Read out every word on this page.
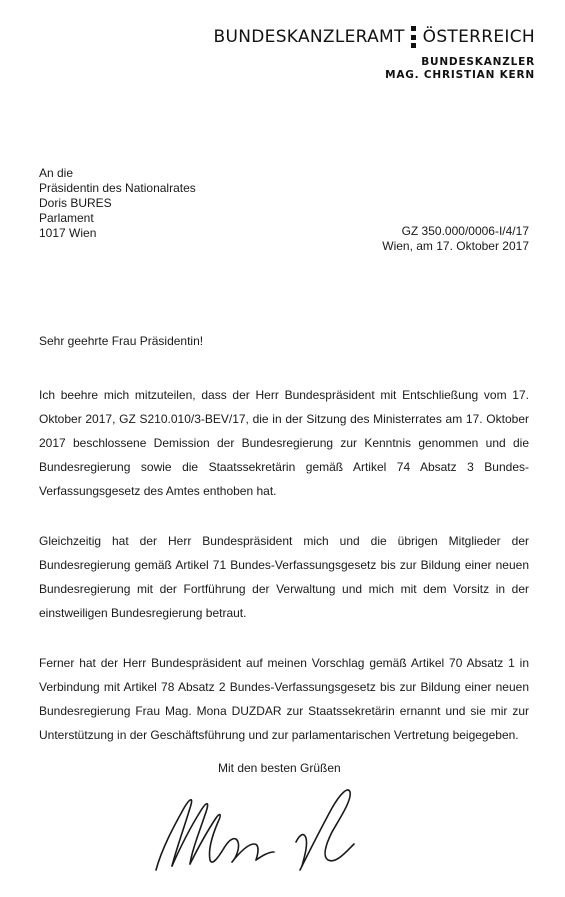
BUNDESKANZLERAMT ÖSTERREICH
BUNDESKANZLER
MAG. CHRISTIAN KERN
An die
Präsidentin des Nationalrates
Doris BURES
Parlament
1017 Wien	GZ 350.000/0006-I/4/17
Wien, am 17. Oktober 2017
Sehr geehrte Frau Präsidentin!

Ich beehre mich mitzuteilen, dass der Herr Bundespräsident mit Entschließung vom 17. Oktober 2017, GZ S210.010/3-BEV/17, die in der Sitzung des Ministerrates am 17. Oktober 2017 beschlossene Demission der Bundesregierung zur Kenntnis genommen und die Bundesregierung sowie die Staatssekretärin gemäß Artikel 74 Absatz 3 Bundes-Verfassungsgesetz des Amtes enthoben hat.

Gleichzeitig hat der Herr Bundespräsident mich und die übrigen Mitglieder der Bundesregierung gemäß Artikel 71 Bundes-Verfassungsgesetz bis zur Bildung einer neuen Bundesregierung mit der Fortführung der Verwaltung und mich mit dem Vorsitz in der einstweiligen Bundesregierung betraut.

Ferner hat der Herr Bundespräsident auf meinen Vorschlag gemäß Artikel 70 Absatz 1 in Verbindung mit Artikel 78 Absatz 2 Bundes-Verfassungsgesetz bis zur Bildung einer neuen Bundesregierung Frau Mag. Mona DUZDAR zur Staatssekretärin ernannt und sie mir zur Unterstützung in der Geschäftsführung und zur parlamentarischen Vertretung beigegeben.

Mit den besten Grüßen
